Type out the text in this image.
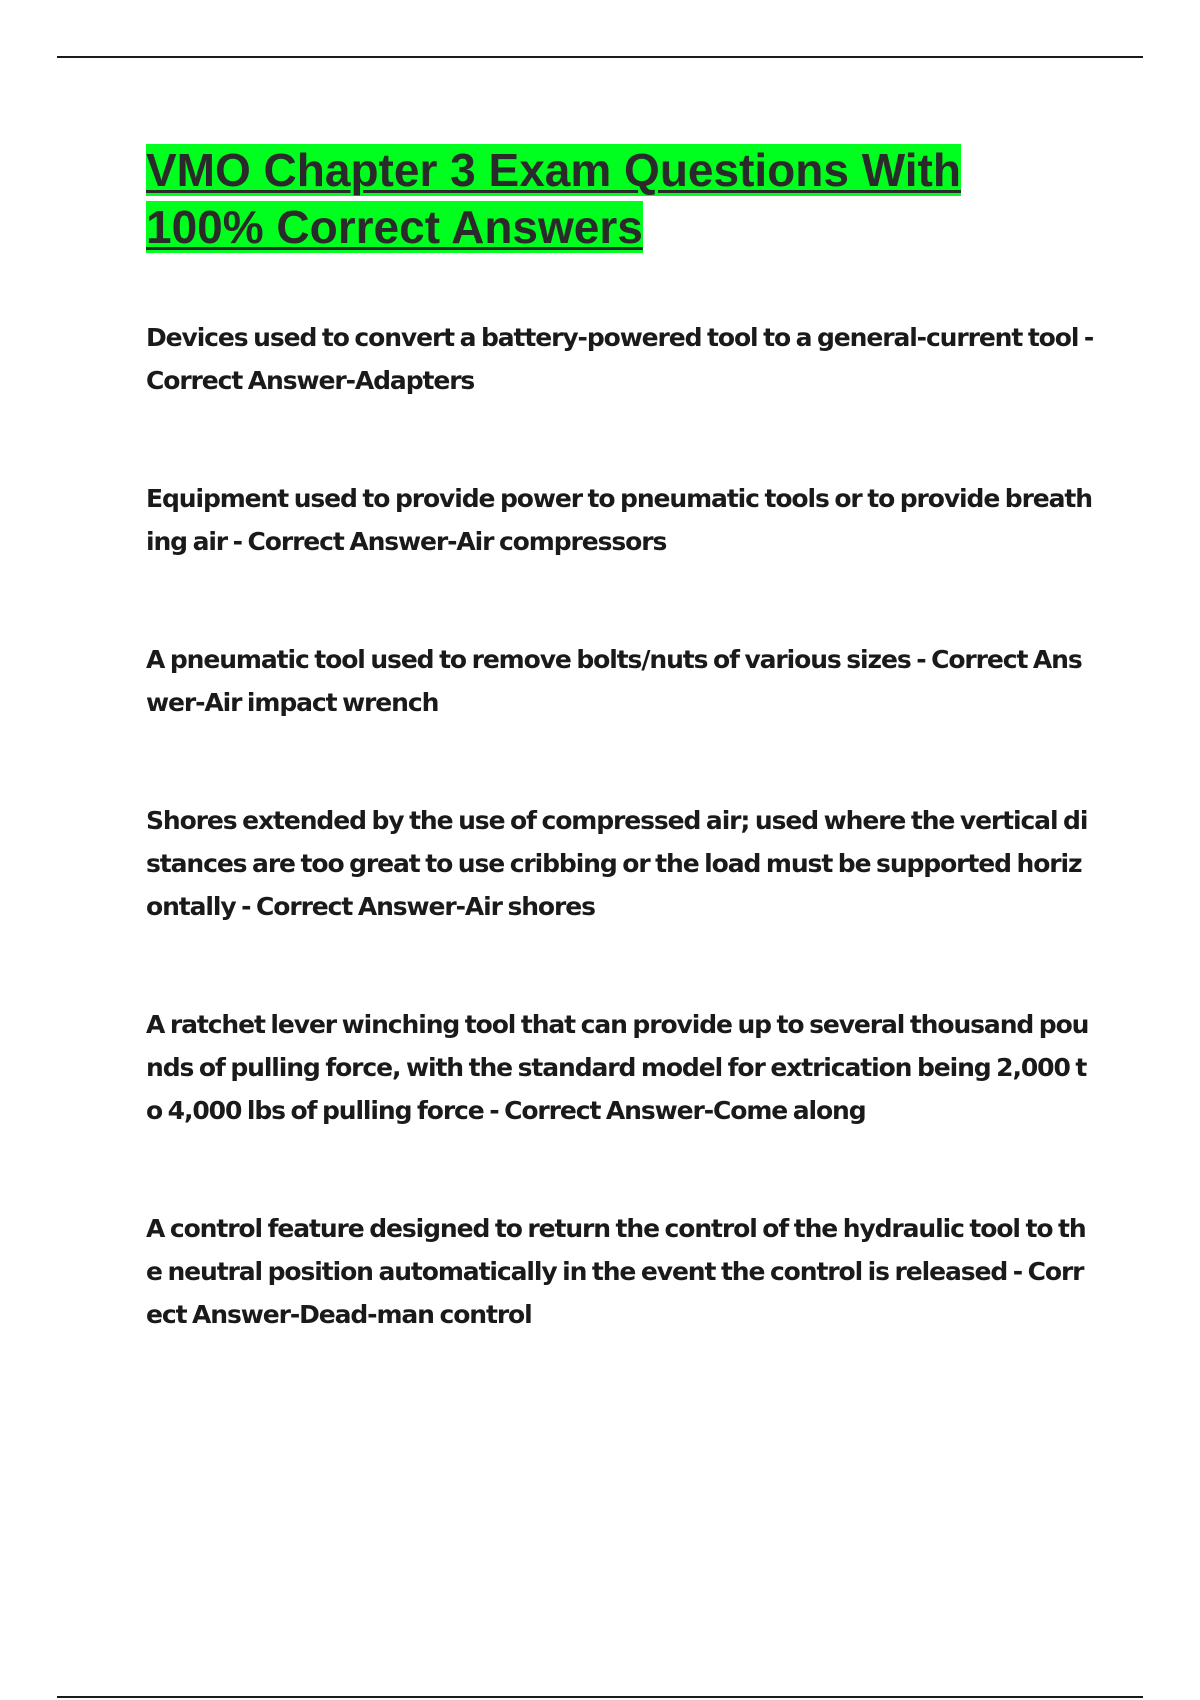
VMO Chapter 3 Exam Questions With 100% Correct Answers

Devices used to convert a battery-powered tool to a general-current tool - Correct Answer-Adapters

Equipment used to provide power to pneumatic tools or to provide breathing air - Correct Answer-Air compressors

A pneumatic tool used to remove bolts/nuts of various sizes - Correct Answer-Air impact wrench

Shores extended by the use of compressed air; used where the vertical distances are too great to use cribbing or the load must be supported horizontally - Correct Answer-Air shores

A ratchet lever winching tool that can provide up to several thousand pounds of pulling force, with the standard model for extrication being 2,000 to 4,000 lbs of pulling force - Correct Answer-Come along

A control feature designed to return the control of the hydraulic tool to the neutral position automatically in the event the control is released - Correct Answer-Dead-man control
